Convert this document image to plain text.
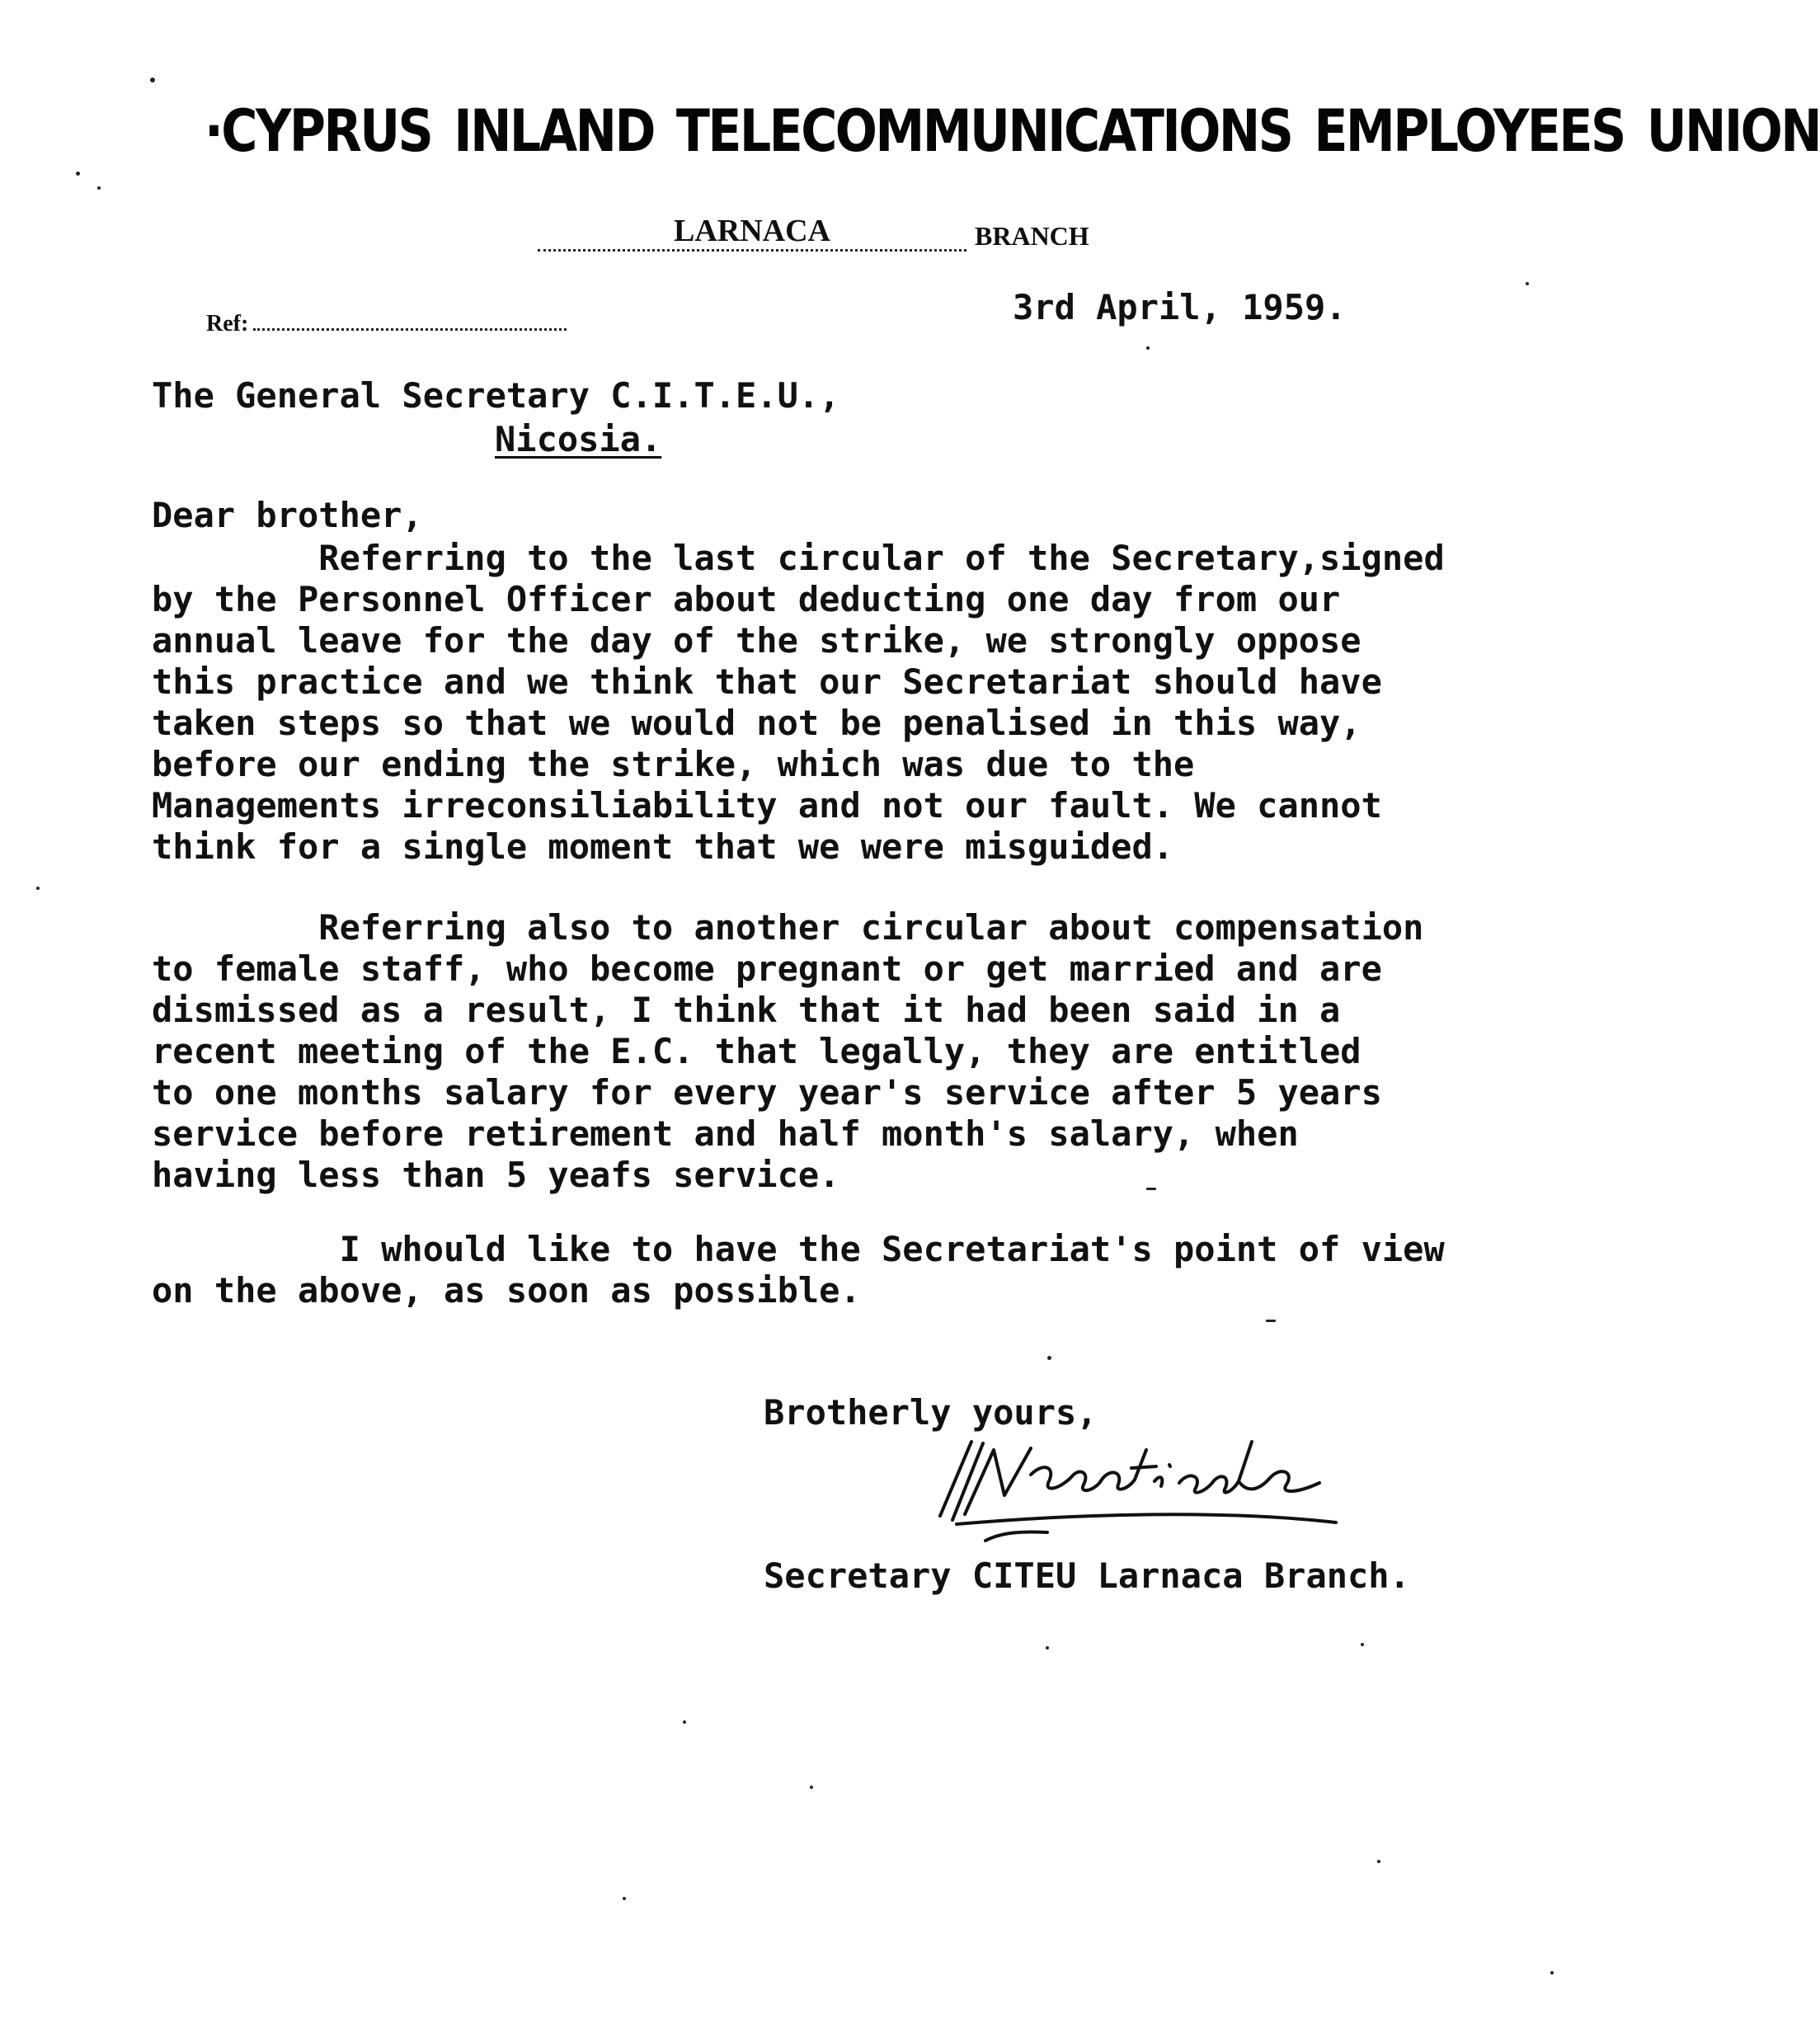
·CYPRUS INLAND TELECOMMUNICATIONS EMPLOYEES UNION
LARNACA	BRANCH
Ref:	3rd April, 1959.
The General Secretary C.I.T.E.U.,
Nicosia.
Dear brother,
Referring to the last circular of the Secretary,signed
by the Personnel Officer about deducting one day from our
annual leave for the day of the strike, we strongly oppose
this practice and we think that our Secretariat should have
taken steps so that we would not be penalised in this way,
before our ending the strike, which was due to the
Managements irreconsiliability and not our fault. We cannot
think for a single moment that we were misguided.
Referring also to another circular about compensation
to female staff, who become pregnant or get married and are
dismissed as a result, I think that it had been said in a
recent meeting of the E.C. that legally, they are entitled
to one months salary for every year's service after 5 years
service before retirement and half month's salary, when
having less than 5 yeafs service.
I whould like to have the Secretariat's point of view
on the above, as soon as possible.
Brotherly yours,
Secretary CITEU Larnaca Branch.
